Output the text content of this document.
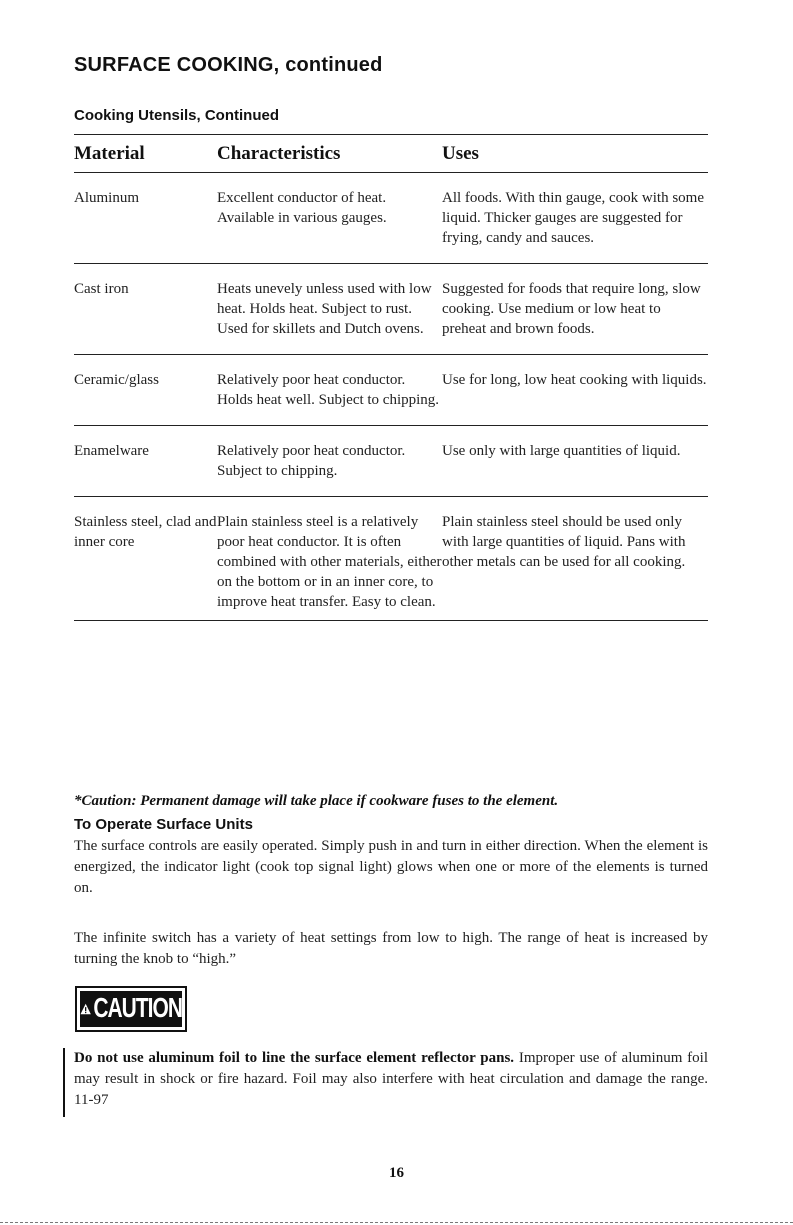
SURFACE COOKING, continued
Cooking Utensils, Continued
Material	Characteristics	Uses
Aluminum	Excellent conductor of heat. Available in various gauges.	All foods. With thin gauge, cook with some liquid. Thicker gauges are suggested for frying, candy and sauces.
Cast iron	Heats unevely unless used with low heat. Holds heat. Subject to rust. Used for skillets and Dutch ovens.	Suggested for foods that require long, slow cooking. Use medium or low heat to preheat and brown foods.
Ceramic/glass	Relatively poor heat conductor. Holds heat well. Subject to chipping.	Use for long, low heat cooking with liquids.
Enamelware	Relatively poor heat conductor. Subject to chipping.	Use only with large quantities of liquid.
Stainless steel, clad and inner core	Plain stainless steel is a relatively poor heat conductor. It is often combined with other materials, either on the bottom or in an inner core, to improve heat transfer. Easy to clean.	Plain stainless steel should be used only with large quantities of liquid. Pans with other metals can be used for all cooking.
*Caution: Permanent damage will take place if cookware fuses to the element.
To Operate Surface Units
The surface controls are easily operated. Simply push in and turn in either direction. When the element is energized, the indicator light (cook top signal light) glows when one or more of the elements is turned on.
The infinite switch has a variety of heat settings from low to high. The range of heat is increased by turning the knob to “high.”
CAUTION
Do not use aluminum foil to line the surface element reflector pans. Improper use of aluminum foil may result in shock or fire hazard. Foil may also interfere with heat circulation and damage the range. 11-97
16
